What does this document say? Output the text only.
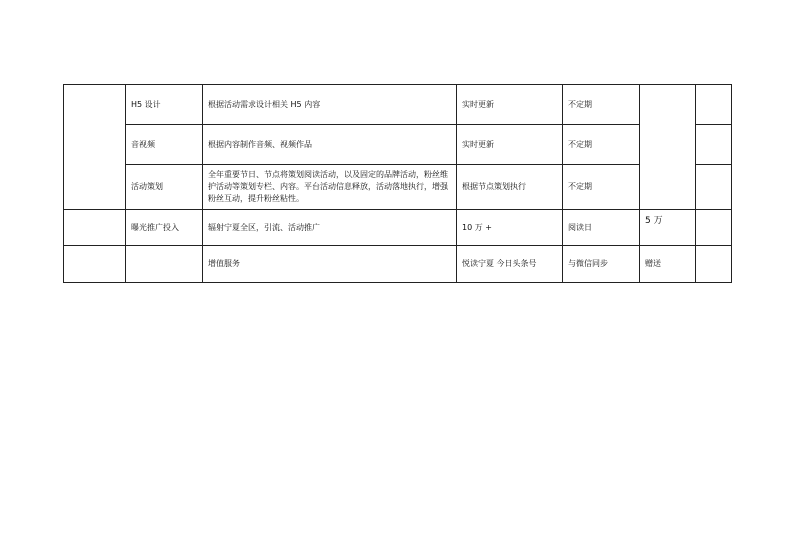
	H5 设计	根据活动需求设计相关 H5 内容	实时更新	不定期		
	音视频	根据内容制作音频、视频作品	实时更新	不定期		
	活动策划	全年重要节日、节点将策划阅读活动，以及固定的品牌活动，粉丝维护活动等策划专栏、内容。平台活动信息释放，活动落地执行，增强粉丝互动，提升粉丝粘性。	根据节点策划执行	不定期		
	曝光推广投入	辐射宁夏全区，引流、活动推广	10 万 +	阅读日	5 万	
		增值服务	悦读宁夏 今日头条号	与微信同步	赠送	
